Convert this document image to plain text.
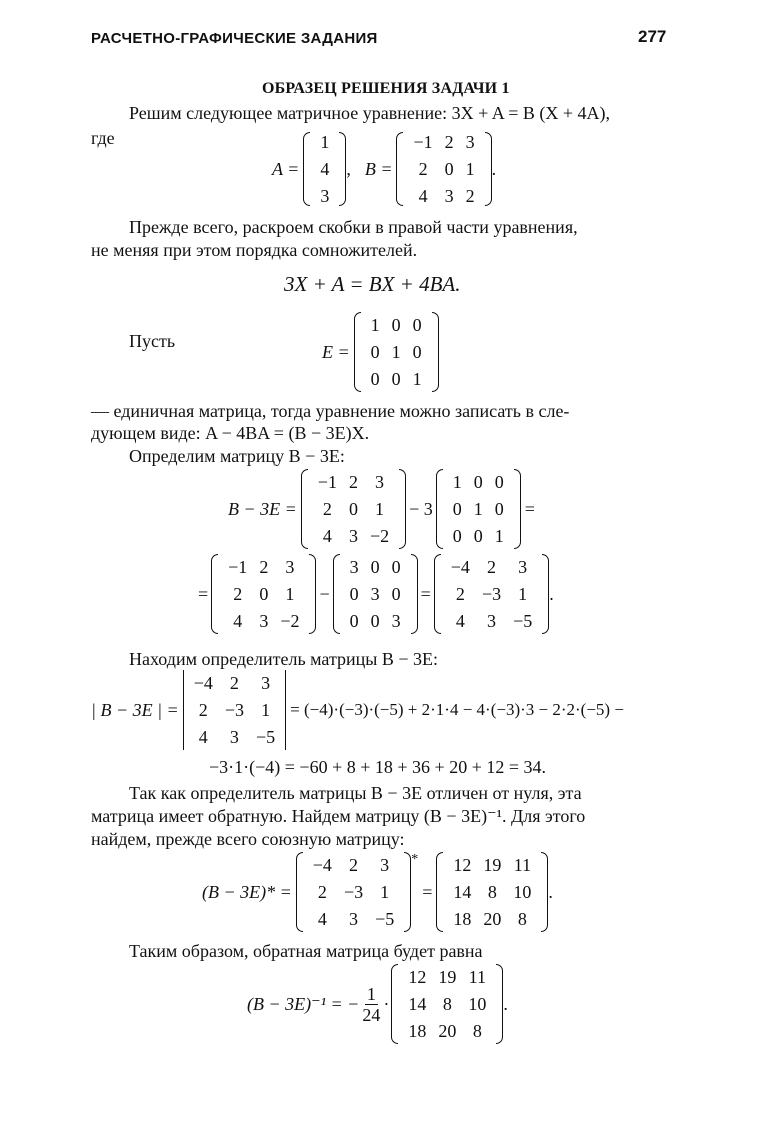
РАСЧЕТНО-ГРАФИЧЕСКИЕ ЗАДАНИЯ	277
ОБРАЗЕЦ РЕШЕНИЯ ЗАДАЧИ 1
Решим следующее матричное уравнение: 3X + A = B (X + 4A),
где
A =
1
4
3
, B =
−1	2	3
2	0	1
4	3	2
.
Прежде всего, раскроем скобки в правой части уравнения,
не меняя при этом порядка сомножителей.
3X + A = BX + 4BA.
Пусть
E =
1	0	0
0	1	0
0	0	1
— единичная матрица, тогда уравнение можно записать в сле-
дующем виде: A − 4BA = (B − 3E)X.
Определим матрицу B − 3E:
B − 3E =
−1	2	3
2	0	1
4	3	−2
− 3
1	0	0
0	1	0
0	0	1
=
=
−1	2	3
2	0	1
4	3	−2
−
3	0	0
0	3	0
0	0	3
=
−4	2	3
2	−3	1
4	3	−5
.
Находим определитель матрицы B − 3E:
| B − 3E | =
−4	2	3
2	−3	1
4	3	−5
= (−4)·(−3)·(−5) + 2·1·4 − 4·(−3)·3 − 2·2·(−5) −
−3·1·(−4) = −60 + 8 + 18 + 36 + 20 + 12 = 34.
Так как определитель матрицы B − 3E отличен от нуля, эта
матрица имеет обратную. Найдем матрицу (B − 3E)⁻¹. Для этого
найдем, прежде всего союзную матрицу:
(B − 3E)* =
−4	2	3
2	−3	1
4	3	−5
*
=
12	19	11
14	8	10
18	20	8
.
Таким образом, обратная матрица будет равна
(B − 3E)⁻¹ = − $\frac{1}{24}$ ·
12	19	11
14	8	10
18	20	8
.
